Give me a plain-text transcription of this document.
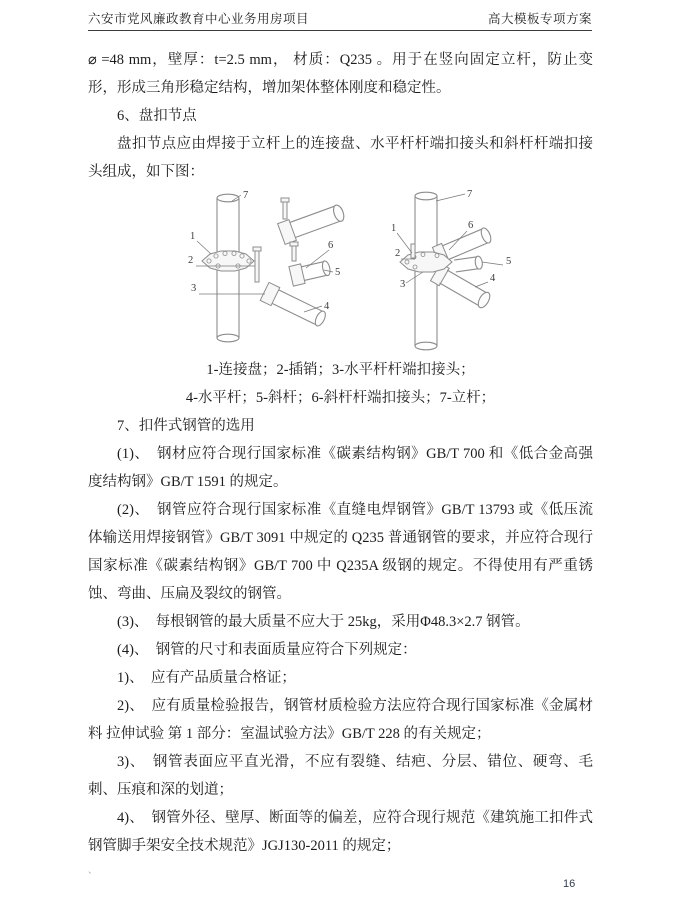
六安市党风廉政教育中心业务用房项目	高大模板专项方案

⌀ =48 mm，壁厚：t=2.5 mm， 材质：Q235 。用于在竖向固定立杆，防止变形，形成三角形稳定结构，增加架体整体刚度和稳定性。

6、盘扣节点

盘扣节点应由焊接于立杆上的连接盘、水平杆杆端扣接头和斜杆杆端扣接头组成，如下图：

1
2
3
4
5
6
7	7
1
2
3
6
5
4

1-连接盘；2-插销；3-水平杆杆端扣接头；

4-水平杆；5-斜杆；6-斜杆杆端扣接头；7-立杆；

7、扣件式钢管的选用

(1)、　钢材应符合现行国家标准《碳素结构钢》GB/T 700 和《低合金高强度结构钢》GB/T 1591 的规定。

(2)、　钢管应符合现行国家标准《直缝电焊钢管》GB/T 13793 或《低压流体输送用焊接钢管》GB/T 3091 中规定的 Q235 普通钢管的要求，并应符合现行国家标准《碳素结构钢》GB/T 700 中 Q235A 级钢的规定。不得使用有严重锈蚀、弯曲、压扁及裂纹的钢管。

(3)、　每根钢管的最大质量不应大于 25kg，采用Φ48.3×2.7 钢管。

(4)、　钢管的尺寸和表面质量应符合下列规定：

1)、　应有产品质量合格证；

2)、　应有质量检验报告，钢管材质检验方法应符合现行国家标准《金属材料 拉伸试验 第 1 部分：室温试验方法》GB/T 228 的有关规定；

3)、　钢管表面应平直光滑，不应有裂缝、结疤、分层、错位、硬弯、毛刺、压痕和深的划道；

4)、　钢管外径、壁厚、断面等的偏差，应符合现行规范《建筑施工扣件式钢管脚手架安全技术规范》JGJ130-2011 的规定；

、
16
